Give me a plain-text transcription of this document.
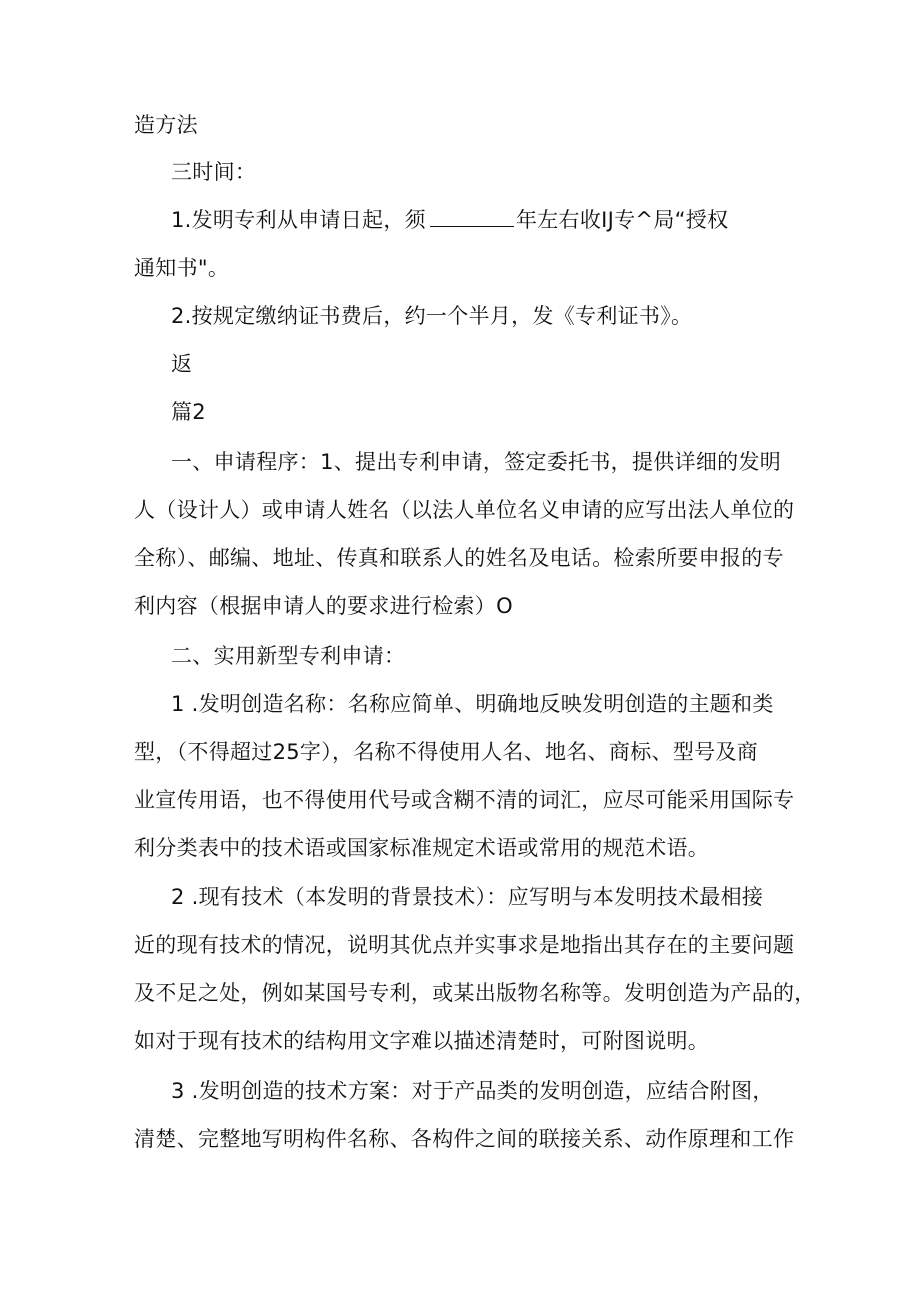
造方法
三时间：
1.发明专利从申请日起，须	年左右收IJ专^局“授权
通知书"。
2.按规定缴纳证书费后，约一个半月，发《专利证书》。
返
篇2
一、申请程序：1、提出专利申请，签定委托书，提供详细的发明
人（设计人）或申请人姓名（以法人单位名义申请的应写出法人单位的
全称）、邮编、地址、传真和联系人的姓名及电话。检索所要申报的专
利内容（根据申请人的要求进行检索）O
二、实用新型专利申请：
1 .发明创造名称：名称应简单、明确地反映发明创造的主题和类
型，（不得超过25字），名称不得使用人名、地名、商标、型号及商
业宣传用语，也不得使用代号或含糊不清的词汇，应尽可能采用国际专
利分类表中的技术语或国家标准规定术语或常用的规范术语。
2 .现有技术（本发明的背景技术）：应写明与本发明技术最相接
近的现有技术的情况，说明其优点并实事求是地指出其存在的主要问题
及不足之处，例如某国号专利，或某出版物名称等。发明创造为产品的，
如对于现有技术的结构用文字难以描述清楚时，可附图说明。
3 .发明创造的技术方案：对于产品类的发明创造，应结合附图，
清楚、完整地写明构件名称、各构件之间的联接关系、动作原理和工作
